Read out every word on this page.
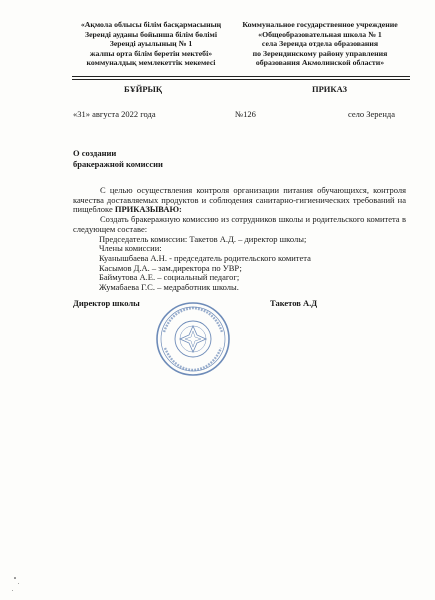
«Ақмола облысы білім басқармасының
Зеренді ауданы бойынша білім бөлімі
Зеренді ауылының № 1
жалпы орта білім беретін мектебі»
коммуналдық мемлекеттік мекемесі
Коммунальное государственное учреждение
«Общеобразовательная школа № 1
села Зеренда отдела образования
по Зерендинскому району управления
образования Акмолинской области»
БҰЙРЫҚ	ПРИКАЗ
«31» августа 2022 года	№126	село Зеренда
О создании
бракеражной комиссии

С целью осуществления контроля организации питания обучающихся, контроля качества доставляемых продуктов и соблюдения санитарно-гигиенических требований на пищеблоке ПРИКАЗЫВАЮ:

Создать бракеражную комиссию из сотрудников школы и родительского комитета в следующем составе:

Председатель комиссии: Такетов А.Д. – директор школы;

Члены комиссии:

Куанышбаева А.Н. - председатель родительского комитета

Касымов Д.А. – зам.директора по УВР;

Баймутова А.Е. – социальный педагог;

Жумабаева Г.С. – медработник школы.

Директор школы	Такетов А.Д
